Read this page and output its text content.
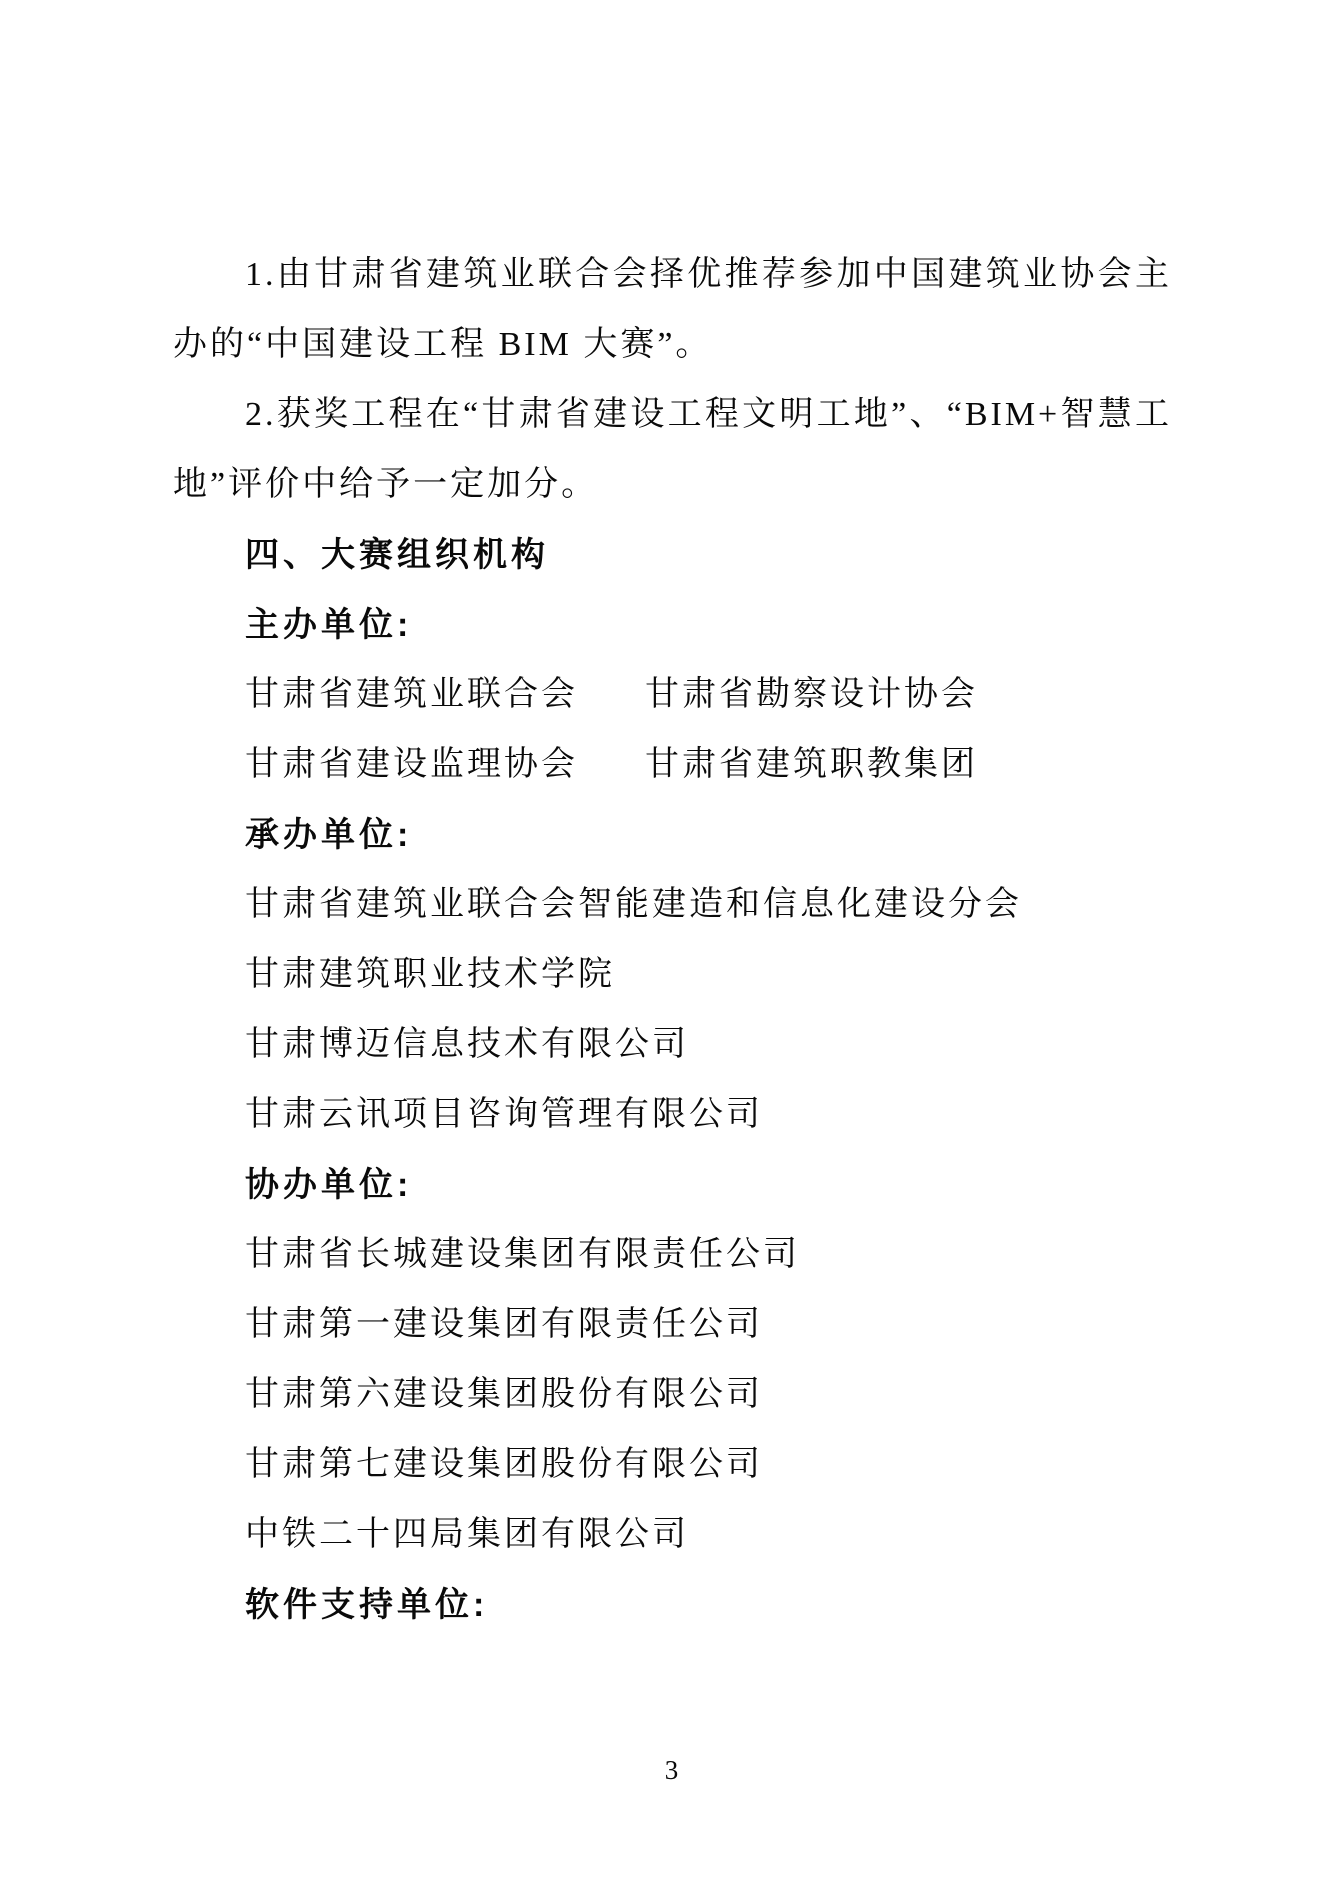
1.由甘肃省建筑业联合会择优推荐参加中国建筑业协会主
办的“中国建设工程 BIM 大赛”。
2.获奖工程在“甘肃省建设工程文明工地”、“BIM+智慧工
地”评价中给予一定加分。
四、大赛组织机构
主办单位:
甘肃省建筑业联合会 甘肃省勘察设计协会
甘肃省建设监理协会 甘肃省建筑职教集团
承办单位:
甘肃省建筑业联合会智能建造和信息化建设分会
甘肃建筑职业技术学院
甘肃博迈信息技术有限公司
甘肃云讯项目咨询管理有限公司
协办单位:
甘肃省长城建设集团有限责任公司
甘肃第一建设集团有限责任公司
甘肃第六建设集团股份有限公司
甘肃第七建设集团股份有限公司
中铁二十四局集团有限公司
软件支持单位:
3
